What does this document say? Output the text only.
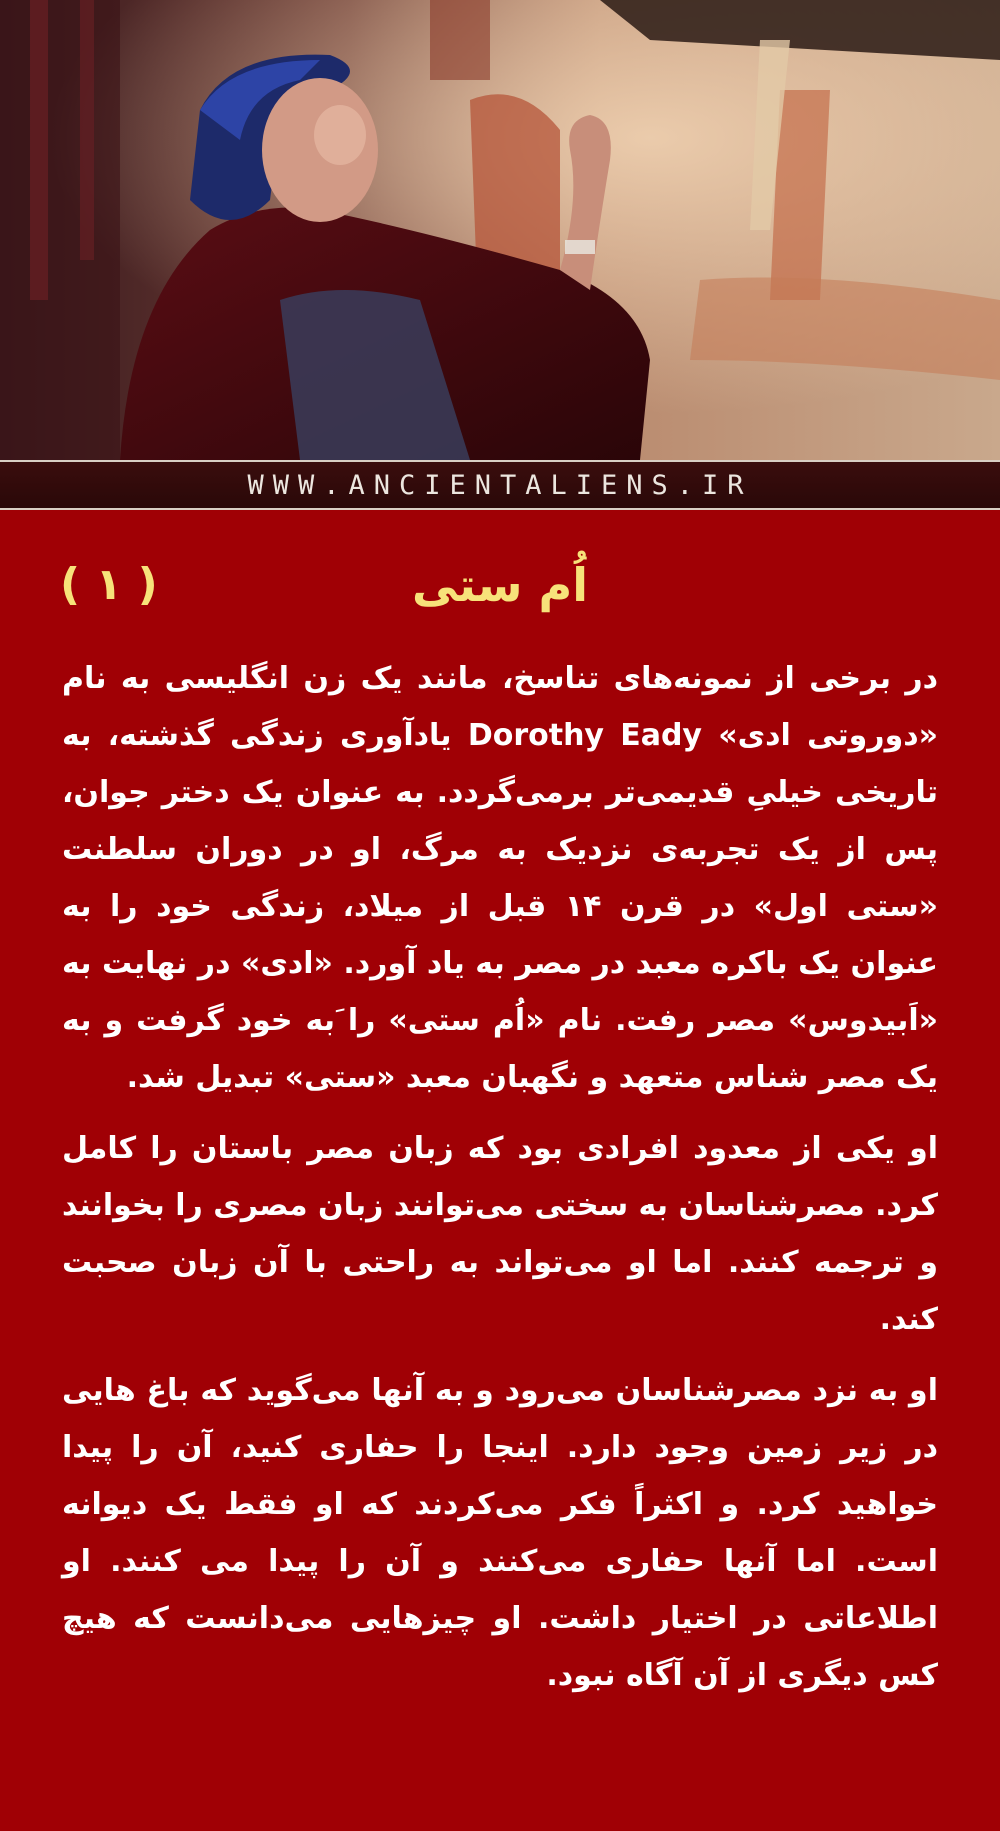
WWW.ANCIENTALIENS.IR
اُم ستی
( ۱ )

در برخی از نمونه‌های تناسخ، مانند یک زن انگلیسی به نام «دوروتی ادی» Dorothy Eady یادآوری زندگی گذشته، به تاریخی خیلیِ قدیمی‌تر برمی‌گردد. به عنوان یک دختر جوان، پس از یک تجربه‌ی نزدیک به مرگ، او در دوران سلطنت «ستی اول» در قرن ۱۴ قبل از میلاد، زندگی خود را به عنوان یک باکره معبد در مصر به یاد آورد. «ادی» در نهایت به «اَبیدوس» مصر رفت. نام «اُم ستی» را َبه خود گرفت و به یک مصر شناس متعهد و نگهبان معبد «ستی» تبدیل شد.

او یکی از معدود افرادی بود که زبان مصر باستان را کامل کرد. مصرشناسان به سختی می‌توانند زبان مصری را بخوانند و ترجمه کنند. اما او می‌تواند به راحتی با آن زبان صحبت کند.

او به نزد مصرشناسان می‌رود و به آنها می‌گوید که باغ هایی در زیر زمین وجود دارد. اینجا را حفاری کنید، آن را پیدا خواهید کرد. و اکثراً فکر می‌کردند که او فقط یک دیوانه است. اما آنها حفاری می‌کنند و آن را پیدا می کنند. او اطلاعاتی در اختیار داشت. او چیزهایی می‌دانست که هیچ کس دیگری از آن آگاه نبود.
